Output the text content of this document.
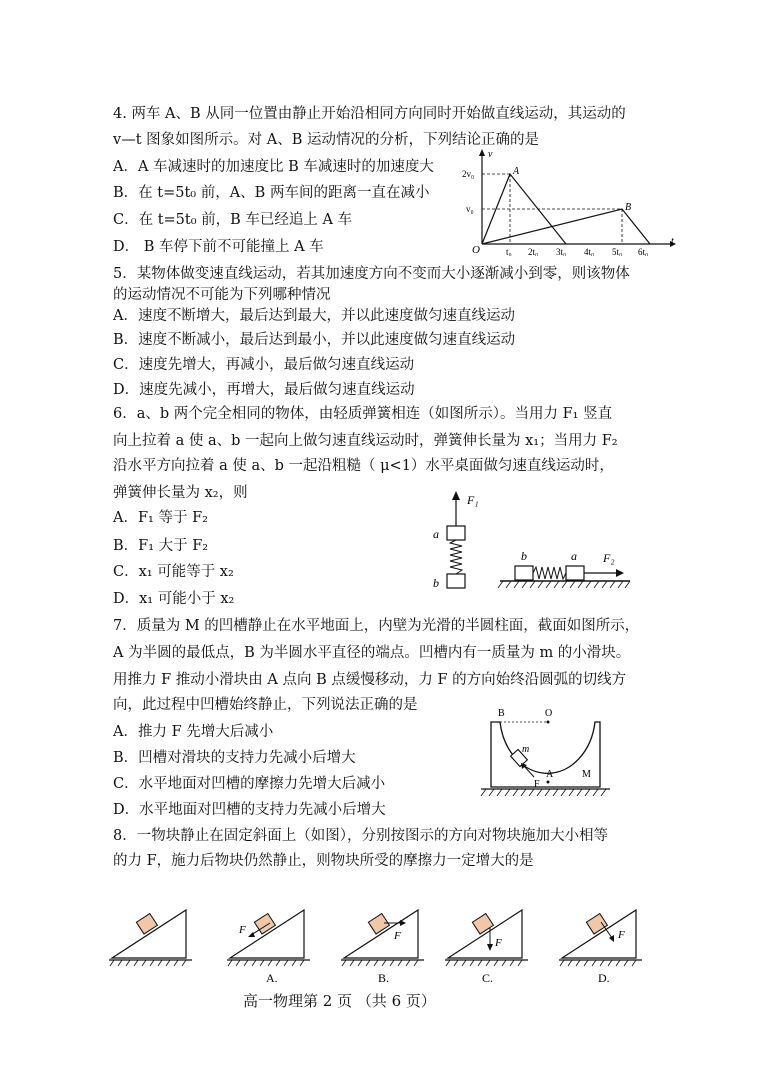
4. 两车 A、B 从同一位置由静止开始沿相同方向同时开始做直线运动，其运动的
v—t 图象如图所示。对 A、B 运动情况的分析，下列结论正确的是
A．A 车减速时的加速度比 B 车减速时的加速度大
B．在 t=5t₀ 前，A、B 两车间的距离一直在减小
C．在 t=5t₀ 前，B 车已经追上 A 车
D． B 车停下前不可能撞上 A 车
v
t
O
2v₀
v₀
t₀ 2t₀ 3t₀ 4t₀ 5t₀ 6t₀
A
B
5．某物体做变速直线运动，若其加速度方向不变而大小逐渐减小到零，则该物体
的运动情况不可能为下列哪种情况
A．速度不断增大，最后达到最大，并以此速度做匀速直线运动
B．速度不断减小，最后达到最小，并以此速度做匀速直线运动
C．速度先增大，再减小，最后做匀速直线运动
D．速度先减小，再增大，最后做匀速直线运动
6．a、b 两个完全相同的物体，由轻质弹簧相连（如图所示）。当用力 F₁ 竖直
向上拉着 a 使 a、b 一起向上做匀速直线运动时，弹簧伸长量为 x₁；当用力 F₂
沿水平方向拉着 a 使 a、b 一起沿粗糙（ μ<1）水平桌面做匀速直线运动时，
弹簧伸长量为 x₂，则
A．F₁ 等于 F₂
B．F₁ 大于 F₂
C．x₁ 可能等于 x₂
D．x₁ 可能小于 x₂
F₁
a
b
b	a F₂
7．质量为 M 的凹槽静止在水平地面上，内壁为光滑的半圆柱面，截面如图所示，
A 为半圆的最低点，B 为半圆水平直径的端点。凹槽内有一质量为 m 的小滑块。
用推力 F 推动小滑块由 A 点向 B 点缓慢移动，力 F 的方向始终沿圆弧的切线方
向，此过程中凹槽始终静止，下列说法正确的是
A．推力 F 先增大后减小
B．凹槽对滑块的支持力先减小后增大
C．水平地面对凹槽的摩擦力先增大后减小
D．水平地面对凹槽的支持力先减小后增大
B	O
m
A
F
M
8．一物块静止在固定斜面上（如图），分别按图示的方向对物块施加大小相等
的力 F，施力后物块仍然静止，则物块所受的摩擦力一定增大的是
F
A.
F
B.
F
C.
F
D.
高一物理第 2 页 （共 6 页）
